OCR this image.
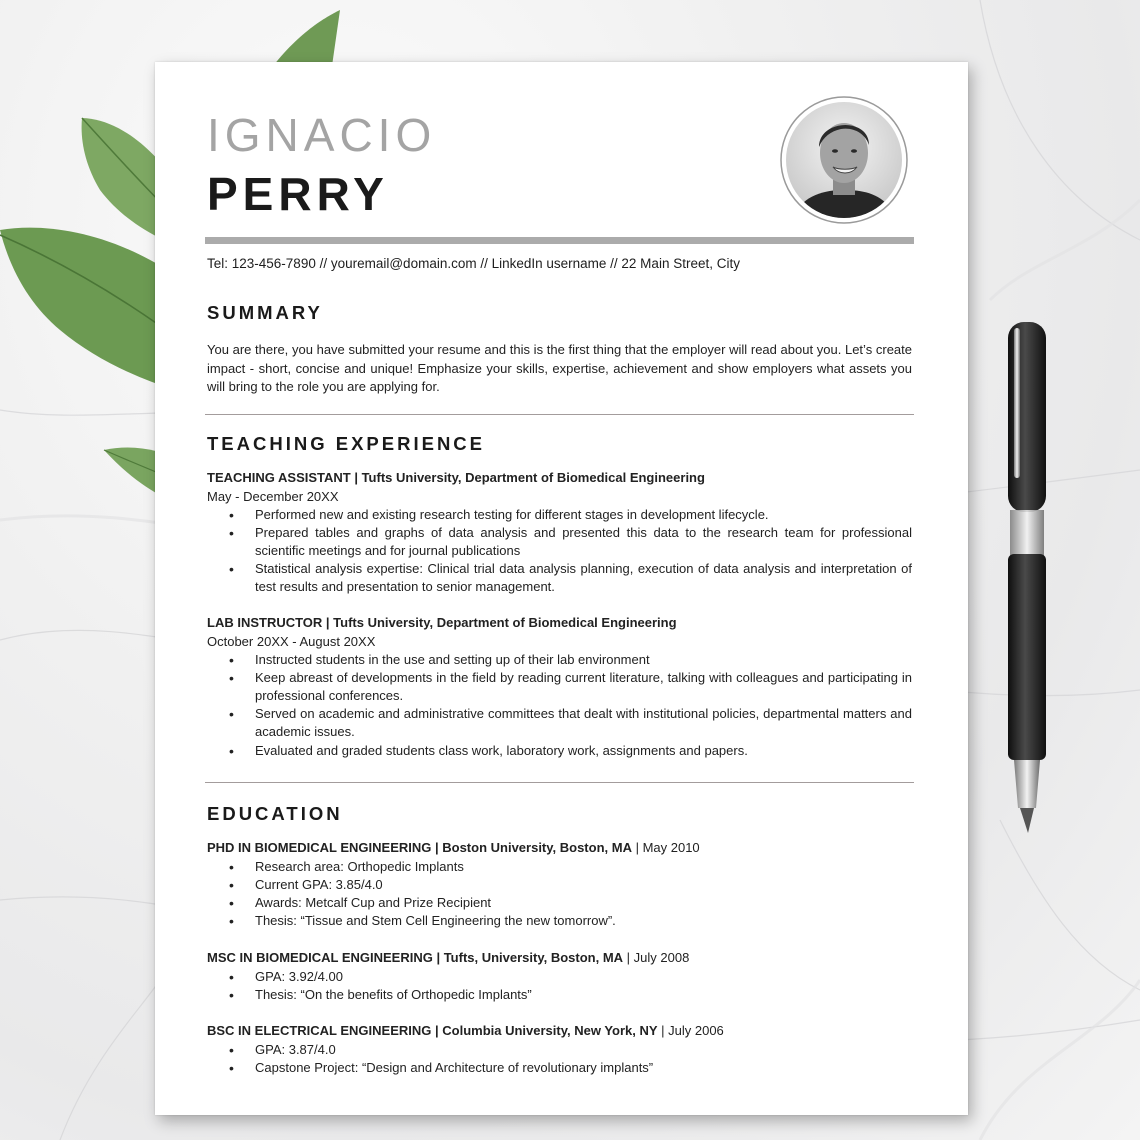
IGNACIO
PERRY
Tel: 123-456-7890 // youremail@domain.com // LinkedIn username // 22 Main Street, City
SUMMARY

You are there, you have submitted your resume and this is the first thing that the employer will read about you. Let’s create impact - short, concise and unique! Emphasize your skills, expertise, achievement and show employers what assets you will bring to the role you are applying for.

TEACHING EXPERIENCE
TEACHING ASSISTANT | Tufts University, Department of Biomedical Engineering
May - December 20XX
• Performed new and existing research testing for different stages in development lifecycle.
• Prepared tables and graphs of data analysis and presented this data to the research team for professional scientific meetings and for journal publications
• Statistical analysis expertise: Clinical trial data analysis planning, execution of data analysis and interpretation of test results and presentation to senior management.
LAB INSTRUCTOR | Tufts University, Department of Biomedical Engineering
October 20XX - August 20XX
• Instructed students in the use and setting up of their lab environment
• Keep abreast of developments in the field by reading current literature, talking with colleagues and participating in professional conferences.
• Served on academic and administrative committees that dealt with institutional policies, departmental matters and academic issues.
• Evaluated and graded students class work, laboratory work, assignments and papers.
EDUCATION
PHD IN BIOMEDICAL ENGINEERING | Boston University, Boston, MA | May 2010
• Research area: Orthopedic Implants
• Current GPA: 3.85/4.0
• Awards: Metcalf Cup and Prize Recipient
• Thesis: “Tissue and Stem Cell Engineering the new tomorrow”.
MSC IN BIOMEDICAL ENGINEERING | Tufts, University, Boston, MA | July 2008
• GPA: 3.92/4.00
• Thesis: “On the benefits of Orthopedic Implants”
BSC IN ELECTRICAL ENGINEERING | Columbia University, New York, NY | July 2006
• GPA: 3.87/4.0
• Capstone Project: “Design and Architecture of revolutionary implants”
